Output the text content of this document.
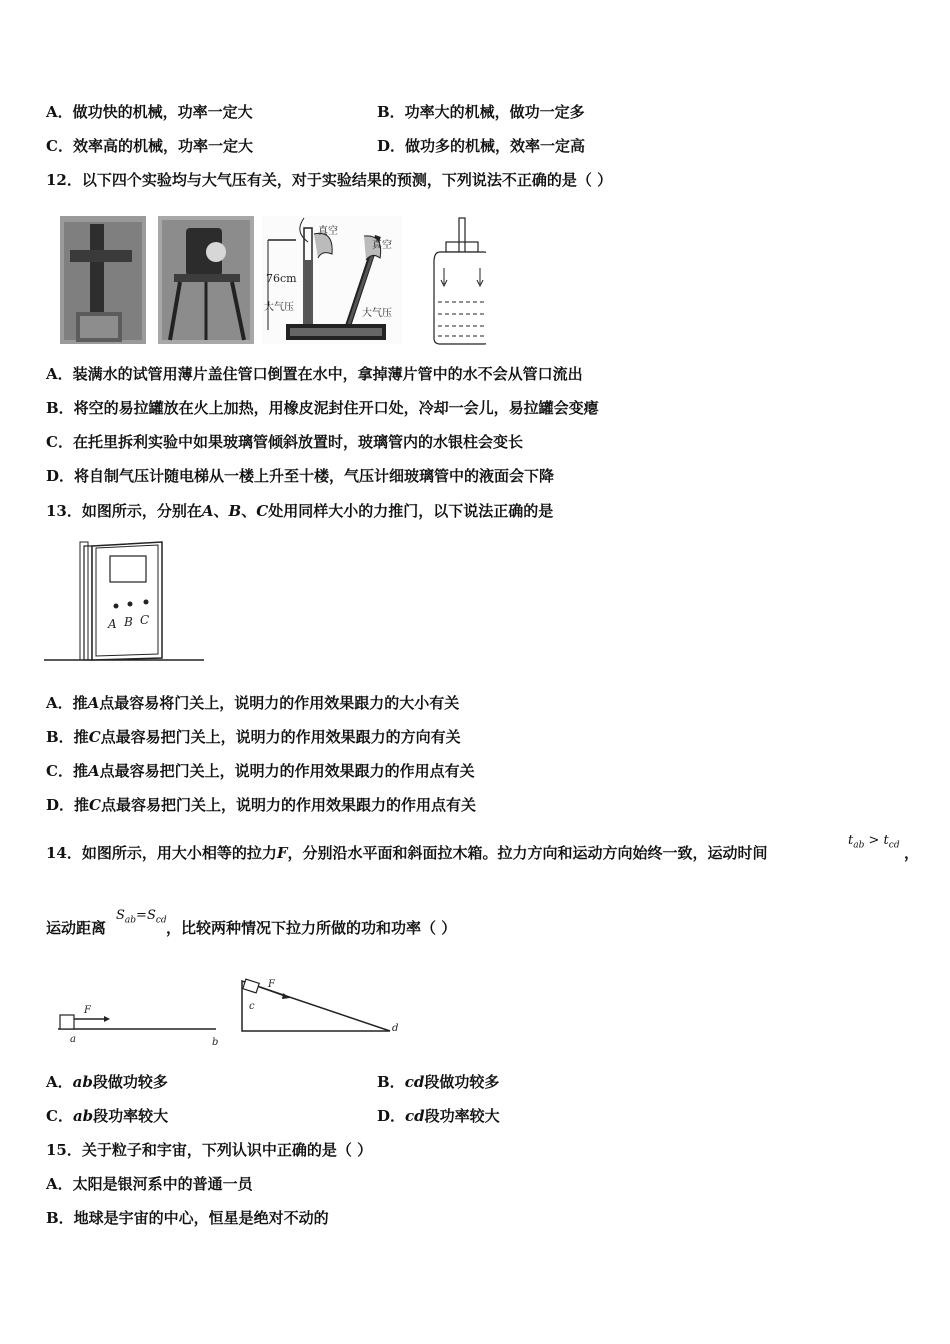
A．做功快的机械，功率一定大	B．功率大的机械，做功一定多
C．效率高的机械，功率一定大	D．做功多的机械，效率一定高
12．以下四个实验均与大气压有关，对于实验结果的预测，下列说法不正确的是（ ）
真空
真空
76cm
大气压
大气压
A．装满水的试管用薄片盖住管口倒置在水中，拿掉薄片管中的水不会从管口流出
B．将空的易拉罐放在火上加热，用橡皮泥封住开口处，冷却一会儿，易拉罐会变瘪
C．在托里拆利实验中如果玻璃管倾斜放置时，玻璃管内的水银柱会变长
D．将自制气压计随电梯从一楼上升至十楼，气压计细玻璃管中的液面会下降
13．如图所示，分别在A、B、C处用同样大小的力推门，以下说法正确的是
A B C
A．推A点最容易将门关上，说明力的作用效果跟力的大小有关
B．推C点最容易把门关上，说明力的作用效果跟力的方向有关
C．推A点最容易把门关上，说明力的作用效果跟力的作用点有关
D．推C点最容易把门关上，说明力的作用效果跟力的作用点有关
14．如图所示，用大小相等的拉力F，分别沿水平面和斜面拉木箱。拉力方向和运动方向始终一致，运动时间
$t_{ab} > t_{cd}$ ，
运动距离	，比较两种情况下拉力所做的功和功率（ ）
$S_{ab}=S_{cd}$
F
a	b
F
c
d
A．ab段做功较多	B．cd段做功较多
C．ab段功率较大	D．cd段功率较大
15．关于粒子和宇宙，下列认识中正确的是（ ）
A．太阳是银河系中的普通一员
B．地球是宇宙的中心，恒星是绝对不动的
